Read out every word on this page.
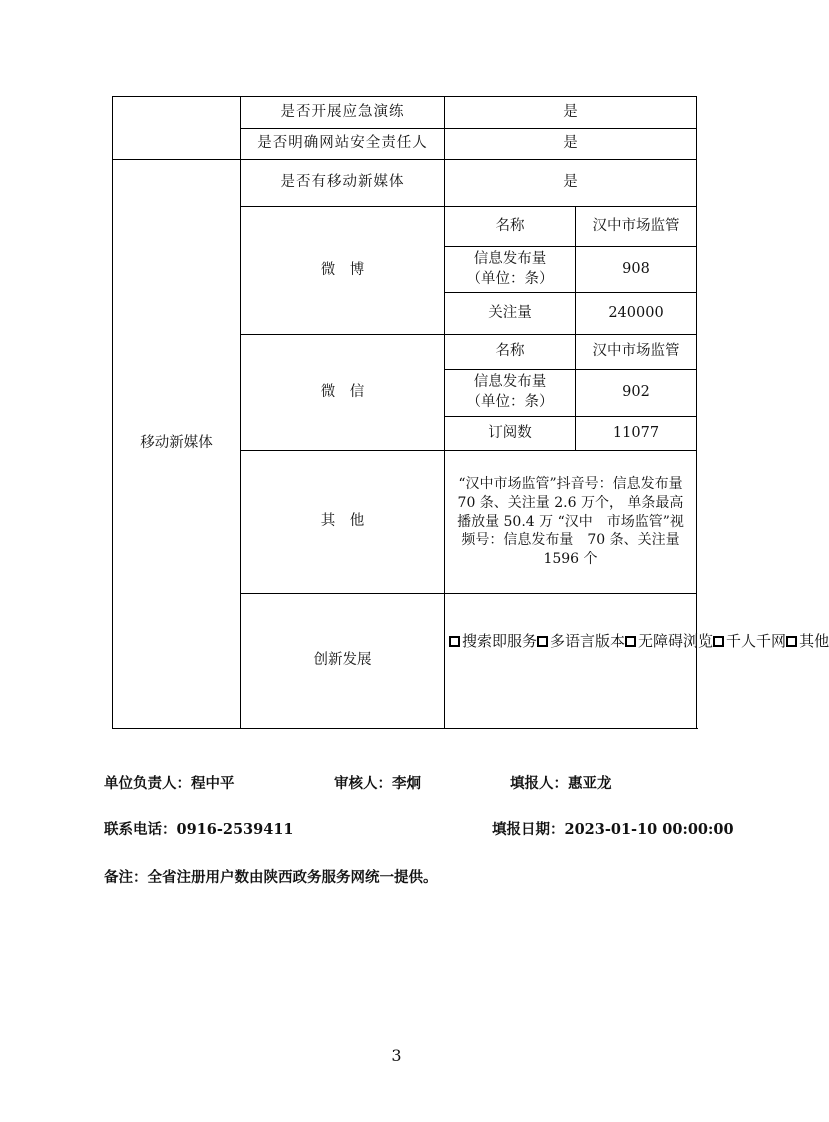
	是否开展应急演练	是	
	是否明确网站安全责任人	是	
移动新媒体	是否有移动新媒体	是	
	微　博	名称	汉中市场监管

		信息发布量
（单位：条）	908
		关注量	240000
	微　信	名称	汉中市场监管

		信息发布量
（单位：条）	902
		订阅数	11077
	其　他	“汉中市场监管”抖音号：信息发布量 70 条、关注量 2.6 万个， 单条最高播放量 50.4 万 “汉中　市场监管”视频号：信息发布量　70 条、关注量 1596 个	
	创新发展	搜索即服务 多语言版本 无障碍浏览 千人千网 其他	
单位负责人：程中平	审核人：李炯	填报人：惠亚龙
联系电话：0916-2539411	填报日期：2023-01-10 00:00:00
备注：全省注册用户数由陕西政务服务网统一提供。
3
